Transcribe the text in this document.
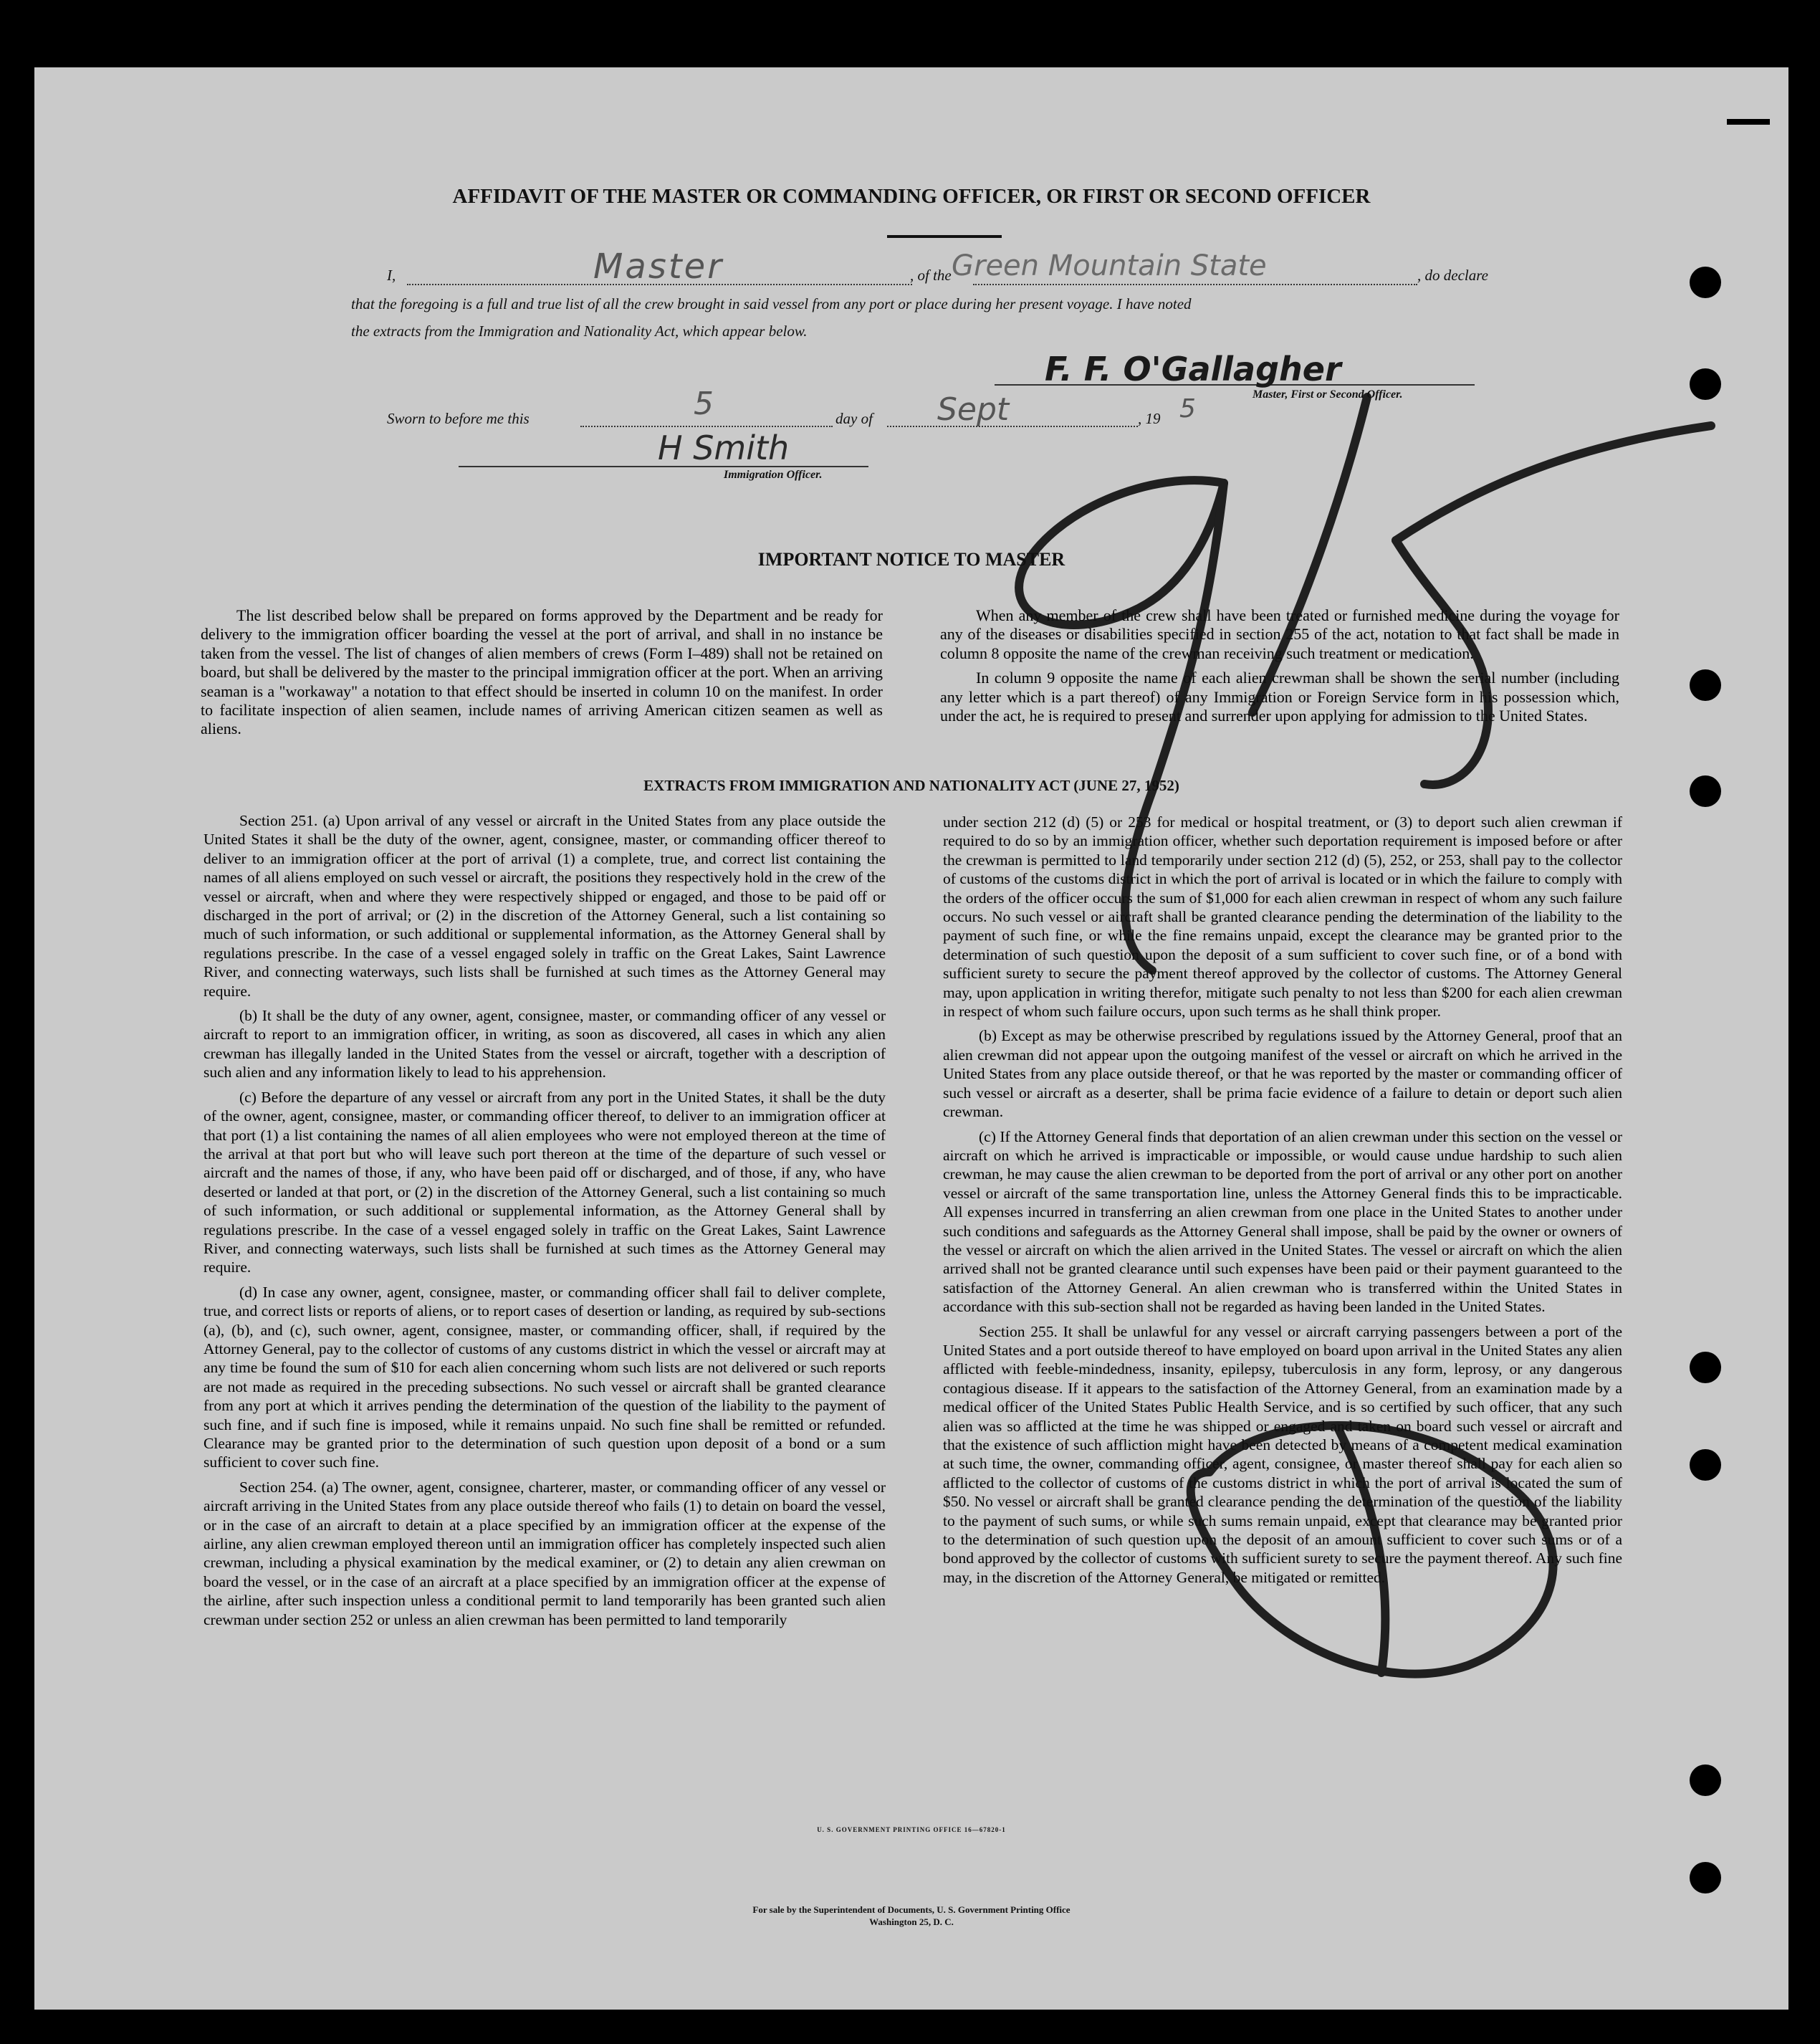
AFFIDAVIT OF THE MASTER OR COMMANDING OFFICER, OR FIRST OR SECOND OFFICER
I,	Master	, of the Green Mountain State	, do declare
that the foregoing is a full and true list of all the crew brought in said vessel from any port or place during her present voyage. I have noted
the extracts from the Immigration and Nationality Act, which appear below.
F. F. O'Gallagher
Master, First or Second Officer.
Sworn to before me this	5	day of Sept	, 19 5
H Smith
Immigration Officer.
IMPORTANT NOTICE TO MASTER

The list described below shall be prepared on forms approved by the Department and be ready for delivery to the immigration officer boarding the vessel at the port of arrival, and shall in no instance be taken from the vessel. The list of changes of alien members of crews (Form I–489) shall not be retained on board, but shall be delivered by the master to the principal immigration officer at the port. When an arriving seaman is a "workaway" a notation to that effect should be inserted in column 10 on the manifest. In order to facilitate inspection of alien seamen, include names of arriving American citizen seamen as well as aliens.

When any member of the crew shall have been treated or furnished medicine during the voyage for any of the diseases or disabilities specified in section 255 of the act, notation to that fact shall be made in column 8 opposite the name of the crewman receiving such treatment or medication.

In column 9 opposite the name of each alien crewman shall be shown the serial number (including any letter which is a part thereof) of any Immigration or Foreign Service form in his possession which, under the act, he is required to present and surrender upon applying for admission to the United States.

EXTRACTS FROM IMMIGRATION AND NATIONALITY ACT (JUNE 27, 1952)

Section 251. (a) Upon arrival of any vessel or aircraft in the United States from any place outside the United States it shall be the duty of the owner, agent, consignee, master, or commanding officer thereof to deliver to an immigration officer at the port of arrival (1) a complete, true, and correct list containing the names of all aliens employed on such vessel or aircraft, the positions they respectively hold in the crew of the vessel or aircraft, when and where they were respectively shipped or engaged, and those to be paid off or discharged in the port of arrival; or (2) in the discretion of the Attorney General, such a list containing so much of such information, or such additional or supplemental information, as the Attorney General shall by regulations prescribe. In the case of a vessel engaged solely in traffic on the Great Lakes, Saint Lawrence River, and connecting waterways, such lists shall be furnished at such times as the Attorney General may require.

(b) It shall be the duty of any owner, agent, consignee, master, or commanding officer of any vessel or aircraft to report to an immigration officer, in writing, as soon as discovered, all cases in which any alien crewman has illegally landed in the United States from the vessel or aircraft, together with a description of such alien and any information likely to lead to his apprehension.

(c) Before the departure of any vessel or aircraft from any port in the United States, it shall be the duty of the owner, agent, consignee, master, or commanding officer thereof, to deliver to an immigration officer at that port (1) a list containing the names of all alien employees who were not employed thereon at the time of the arrival at that port but who will leave such port thereon at the time of the departure of such vessel or aircraft and the names of those, if any, who have been paid off or discharged, and of those, if any, who have deserted or landed at that port, or (2) in the discretion of the Attorney General, such a list containing so much of such information, or such additional or supplemental information, as the Attorney General shall by regulations prescribe. In the case of a vessel engaged solely in traffic on the Great Lakes, Saint Lawrence River, and connecting waterways, such lists shall be furnished at such times as the Attorney General may require.

(d) In case any owner, agent, consignee, master, or commanding officer shall fail to deliver complete, true, and correct lists or reports of aliens, or to report cases of desertion or landing, as required by sub-sections (a), (b), and (c), such owner, agent, consignee, master, or commanding officer, shall, if required by the Attorney General, pay to the collector of customs of any customs district in which the vessel or aircraft may at any time be found the sum of $10 for each alien concerning whom such lists are not delivered or such reports are not made as required in the preceding subsections. No such vessel or aircraft shall be granted clearance from any port at which it arrives pending the determination of the question of the liability to the payment of such fine, and if such fine is imposed, while it remains unpaid. No such fine shall be remitted or refunded. Clearance may be granted prior to the determination of such question upon deposit of a bond or a sum sufficient to cover such fine.

Section 254. (a) The owner, agent, consignee, charterer, master, or commanding officer of any vessel or aircraft arriving in the United States from any place outside thereof who fails (1) to detain on board the vessel, or in the case of an aircraft to detain at a place specified by an immigration officer at the expense of the airline, any alien crewman employed thereon until an immigration officer has completely inspected such alien crewman, including a physical examination by the medical examiner, or (2) to detain any alien crewman on board the vessel, or in the case of an aircraft at a place specified by an immigration officer at the expense of the airline, after such inspection unless a conditional permit to land temporarily has been granted such alien crewman under section 252 or unless an alien crewman has been permitted to land temporarily

under section 212 (d) (5) or 253 for medical or hospital treatment, or (3) to deport such alien crewman if required to do so by an immigration officer, whether such deportation requirement is imposed before or after the crewman is permitted to land temporarily under section 212 (d) (5), 252, or 253, shall pay to the collector of customs of the customs district in which the port of arrival is located or in which the failure to comply with the orders of the officer occurs the sum of $1,000 for each alien crewman in respect of whom any such failure occurs. No such vessel or aircraft shall be granted clearance pending the determination of the liability to the payment of such fine, or while the fine remains unpaid, except the clearance may be granted prior to the determination of such question upon the deposit of a sum sufficient to cover such fine, or of a bond with sufficient surety to secure the payment thereof approved by the collector of customs. The Attorney General may, upon application in writing therefor, mitigate such penalty to not less than $200 for each alien crewman in respect of whom such failure occurs, upon such terms as he shall think proper.

(b) Except as may be otherwise prescribed by regulations issued by the Attorney General, proof that an alien crewman did not appear upon the outgoing manifest of the vessel or aircraft on which he arrived in the United States from any place outside thereof, or that he was reported by the master or commanding officer of such vessel or aircraft as a deserter, shall be prima facie evidence of a failure to detain or deport such alien crewman.

(c) If the Attorney General finds that deportation of an alien crewman under this section on the vessel or aircraft on which he arrived is impracticable or impossible, or would cause undue hardship to such alien crewman, he may cause the alien crewman to be deported from the port of arrival or any other port on another vessel or aircraft of the same transportation line, unless the Attorney General finds this to be impracticable. All expenses incurred in transferring an alien crewman from one place in the United States to another under such conditions and safeguards as the Attorney General shall impose, shall be paid by the owner or owners of the vessel or aircraft on which the alien arrived in the United States. The vessel or aircraft on which the alien arrived shall not be granted clearance until such expenses have been paid or their payment guaranteed to the satisfaction of the Attorney General. An alien crewman who is transferred within the United States in accordance with this sub-section shall not be regarded as having been landed in the United States.

Section 255. It shall be unlawful for any vessel or aircraft carrying passengers between a port of the United States and a port outside thereof to have employed on board upon arrival in the United States any alien afflicted with feeble-mindedness, insanity, epilepsy, tuberculosis in any form, leprosy, or any dangerous contagious disease. If it appears to the satisfaction of the Attorney General, from an examination made by a medical officer of the United States Public Health Service, and is so certified by such officer, that any such alien was so afflicted at the time he was shipped or engaged and taken on board such vessel or aircraft and that the existence of such affliction might have been detected by means of a competent medical examination at such time, the owner, commanding officer, agent, consignee, or master thereof shall pay for each alien so afflicted to the collector of customs of the customs district in which the port of arrival is located the sum of $50. No vessel or aircraft shall be granted clearance pending the determination of the question of the liability to the payment of such sums, or while such sums remain unpaid, except that clearance may be granted prior to the determination of such question upon the deposit of an amount sufficient to cover such sums or of a bond approved by the collector of customs with sufficient surety to secure the payment thereof. Any such fine may, in the discretion of the Attorney General, be mitigated or remitted.

U. S. GOVERNMENT PRINTING OFFICE 16—67820-1
For sale by the Superintendent of Documents, U. S. Government Printing Office
Washington 25, D. C.
